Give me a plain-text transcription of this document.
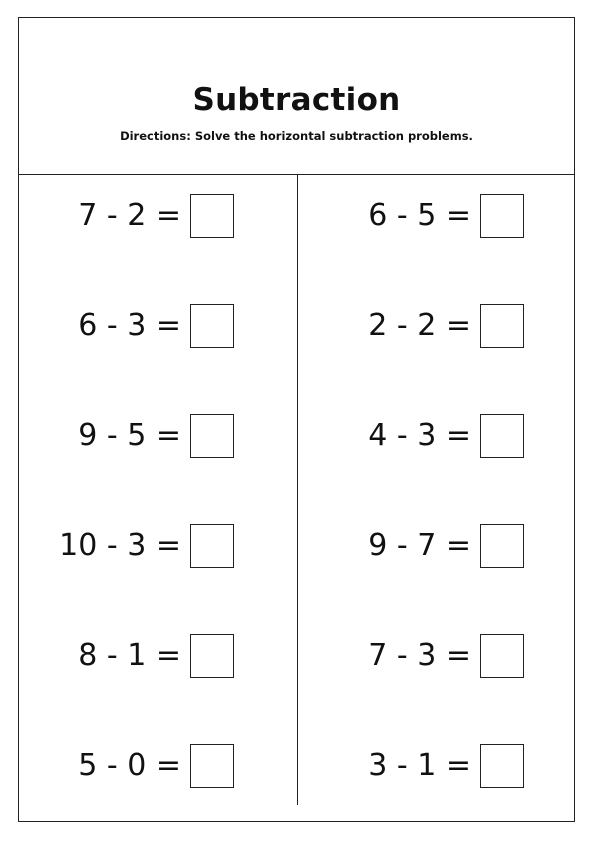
Subtraction
Directions: Solve the horizontal subtraction problems.
7 - 2 =
6 - 3 =
9 - 5 =
10 - 3 =
8 - 1 =
5 - 0 =
6 - 5 =
2 - 2 =
4 - 3 =
9 - 7 =
7 - 3 =
3 - 1 =
